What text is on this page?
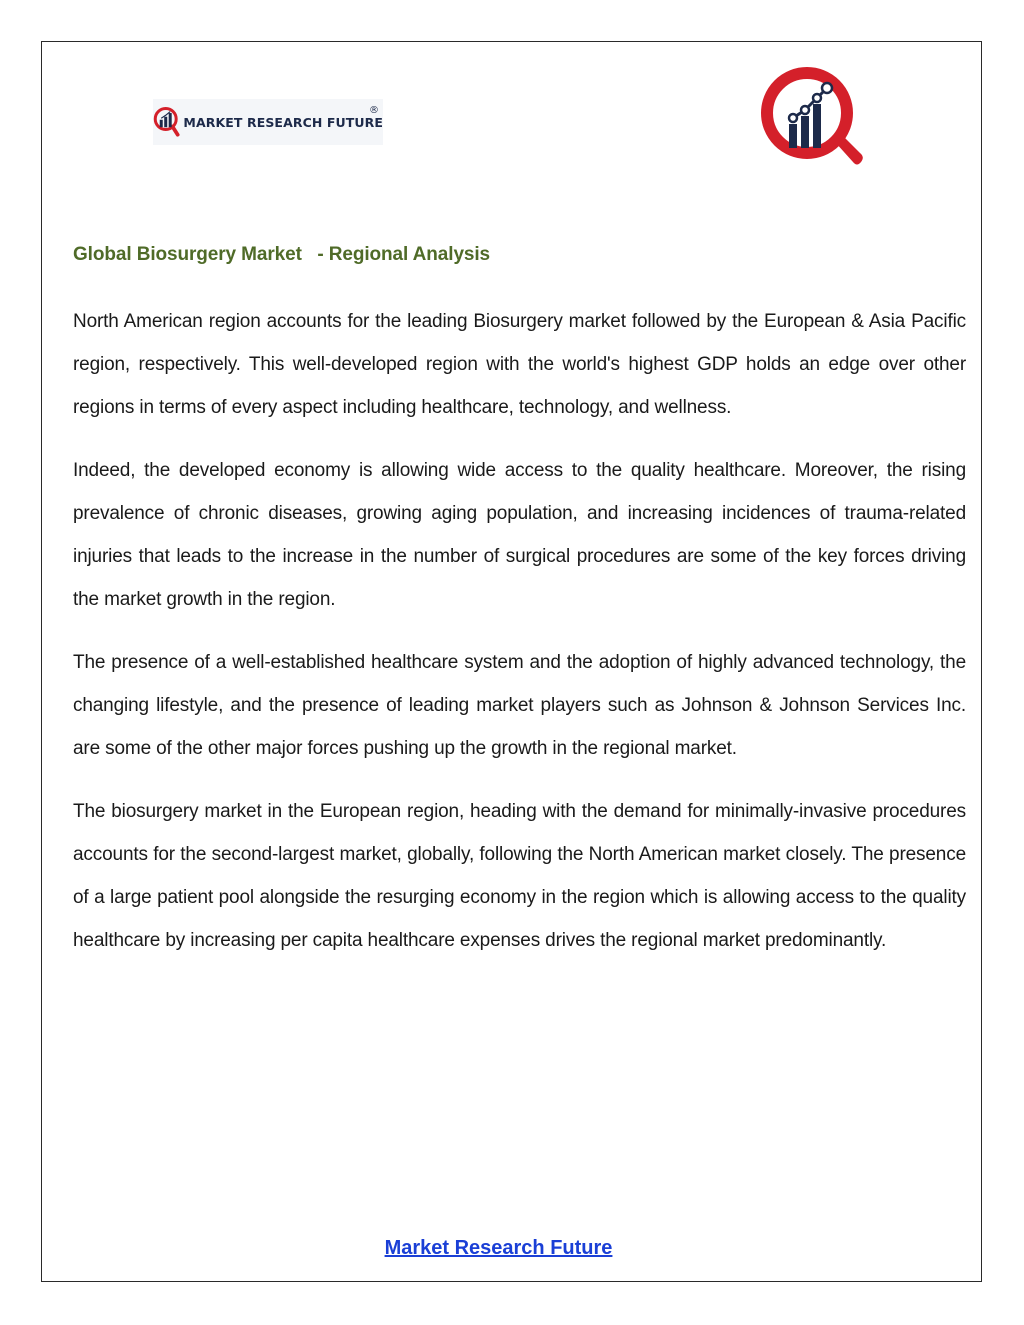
MARKET RESEARCH FUTURE
®
Global Biosurgery Market   - Regional Analysis

North American region accounts for the leading Biosurgery market followed by the European & Asia Pacific region, respectively. This well-developed region with the world's highest GDP holds an edge over other regions in terms of every aspect including healthcare, technology, and wellness.

Indeed, the developed economy is allowing wide access to the quality healthcare. Moreover, the rising prevalence of chronic diseases, growing aging population, and increasing incidences of trauma-related injuries that leads to the increase in the number of surgical procedures are some of the key forces driving the market growth in the region.

The presence of a well-established healthcare system and the adoption of highly advanced technology, the changing lifestyle, and the presence of leading market players such as Johnson & Johnson Services Inc. are some of the other major forces pushing up the growth in the regional market.

The biosurgery market in the European region, heading with the demand for minimally-invasive procedures accounts for the second-largest market, globally, following the North American market closely. The presence of a large patient pool alongside the resurging economy in the region which is allowing access to the quality healthcare by increasing per capita healthcare expenses drives the regional market predominantly.

Market Research Future
